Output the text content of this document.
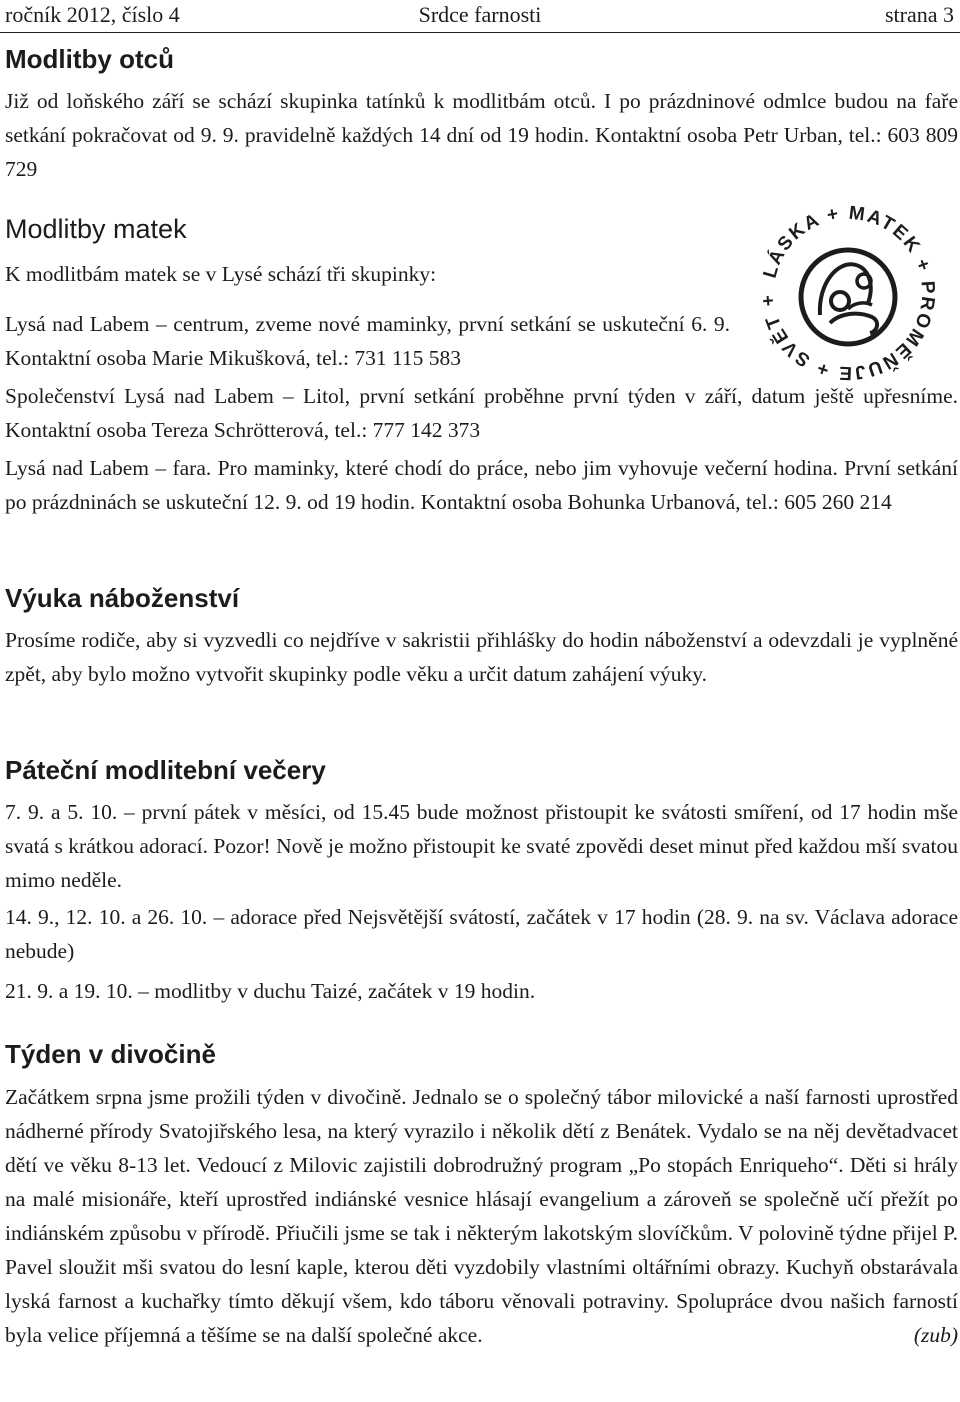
Srdce farnosti
ročník 2012, číslo 4	strana 3
Modlitby otců
Již od loňského září se schází skupinka tatínků k modlitbám otců. I po prázdninové odmlce budou na faře setkání pokračovat od 9. 9. pravidelně každých 14 dní od 19 hodin. Kontaktní osoba Petr Urban, tel.: 603 809 729
Modlitby matek
K modlitbám matek se v Lysé schází tři skupinky:
Lysá nad Labem – centrum, zveme nové maminky, první setkání se uskuteční 6. 9. Kontaktní osoba Marie Mikušková, tel.: 731 115 583
LÁSKA + MATEK + ROMĚŇUJE + SVĚT
Společenství Lysá nad Labem – Litol, první setkání proběhne první týden v září, datum ještě upřesníme. Kontaktní osoba Tereza Schrötterová, tel.: 777 142 373
Lysá nad Labem – fara. Pro maminky, které chodí do práce, nebo jim vyhovuje večerní hodina. První setkání po prázdninách se uskuteční 12. 9. od 19 hodin. Kontaktní osoba Bohunka Urbanová, tel.: 605 260 214
Výuka náboženství
Prosíme rodiče, aby si vyzvedli co nejdříve v sakristii přihlášky do hodin náboženství a odevzdali je vyplněné zpět, aby bylo možno vytvořit skupinky podle věku a určit datum zahájení výuky.
Páteční modlitební večery
7. 9. a 5. 10. – první pátek v měsíci, od 15.45 bude možnost přistoupit ke svátosti smíření, od 17 hodin mše svatá s krátkou adorací. Pozor! Nově je možno přistoupit ke svaté zpovědi deset minut před každou mší svatou mimo neděle.
14. 9., 12. 10. a 26. 10. – adorace před Nejsvětější svátostí, začátek v 17 hodin (28. 9. na sv. Václava adorace nebude)
21. 9. a 19. 10. – modlitby v duchu Taizé, začátek v 19 hodin.
Týden v divočině
Začátkem srpna jsme prožili týden v divočině. Jednalo se o společný tábor milovické a naší farnosti uprostřed nádherné přírody Svatojiřského lesa, na který vyrazilo i několik dětí z Benátek. Vydalo se na něj devětadvacet dětí ve věku 8-13 let. Vedoucí z Milovic zajistili dobrodružný program „Po stopách Enriqueho“. Děti si hrály na malé misionáře, kteří uprostřed indiánské vesnice hlásají evangelium a zároveň se společně učí přežít po indiánském způsobu v přírodě. Přiučili jsme se tak i některým lakotským slovíčkům. V polovině týdne přijel P. Pavel sloužit mši svatou do lesní kaple, kterou děti vyzdobily vlastními oltářními obrazy. Kuchyň obstarávala lyská farnost a kuchařky tímto děkují všem, kdo táboru věnovali potraviny. Spolupráce dvou našich farností byla velice příjemná a těšíme se na další společné akce.	(zub)
